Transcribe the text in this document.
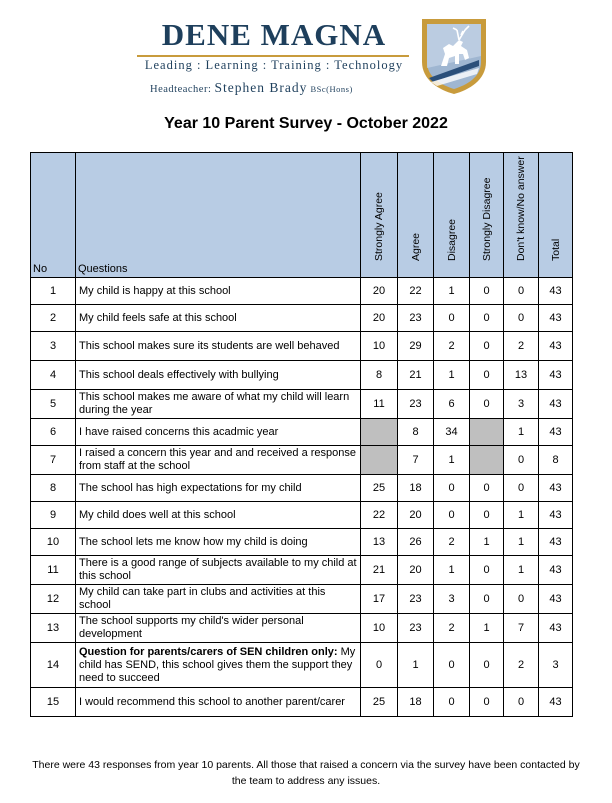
DENE MAGNA
Leading : Learning : Training : Technology
Headteacher: Stephen Brady BSc(Hons)
Year 10 Parent Survey - October 2022
No	Questions	Strongly Agree	Agree	Disagree	Strongly Disagree	Don't know/No answer	Total

1	My child is happy at this school	20	22	1	0	0	43
2	My child feels safe at this school	20	23	0	0	0	43
3	This school makes sure its students are well behaved	10	29	2	0	2	43
4	This school deals effectively with bullying	8	21	1	0	13	43
5	This school makes me aware of what my child will learn during the year	11	23	6	0	3	43
6	I have raised concerns this acadmic year		8	34		1	43
7	I raised a concern this year and and received a response from staff at the school		7	1		0	8
8	The school has high expectations for my child	25	18	0	0	0	43
9	My child does well at this school	22	20	0	0	1	43
10	The school lets me know how my child is doing	13	26	2	1	1	43
11	There is a good range of subjects available to my child at this school	21	20	1	0	1	43
12	My child can take part in clubs and activities at this school	17	23	3	0	0	43
13	The school supports my child's wider personal development	10	23	2	1	7	43
14	Question for parents/carers of SEN children only: My child has SEND, this school gives them the support they need to succeed	0	1	0	0	2	3
15	I would recommend this school to another parent/carer	25	18	0	0	0	43
There were 43 responses from year 10 parents. All those that raised a concern via the survey have been contacted by the team to address any issues.
